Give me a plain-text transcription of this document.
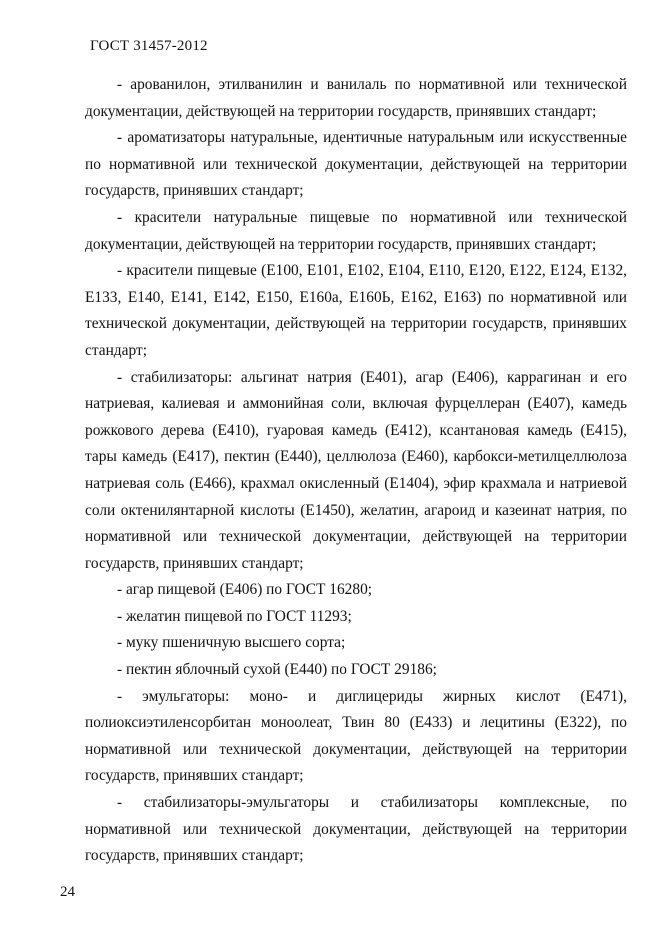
ГОСТ 31457-2012

- арованилон, этилванилин и ванилаль по нормативной или технической документации, действующей на территории государств, принявших стандарт;

- ароматизаторы натуральные, идентичные натуральным или искусственные по нормативной или технической документации, действующей на территории государств, принявших стандарт;

- красители натуральные пищевые по нормативной или технической документации, действующей на территории государств, принявших стандарт;

- красители пищевые (Е100, Е101, Е102, Е104, Е110, Е120, Е122, Е124, Е132, Е133, Е140, Е141, Е142, Е150, Е160а, Е160Ь, Е162, Е163) по нормативной или технической документации, действующей на территории государств, принявших стандарт;

- стабилизаторы: альгинат натрия (Е401), агар (Е406), каррагинан и его натриевая, калиевая и аммонийная соли, включая фурцеллеран (Е407), камедь рожкового дерева (Е410), гуаровая камедь (Е412), ксантановая камедь (Е415), тары камедь (Е417), пектин (Е440), целлюлоза (Е460), карбокси-метилцеллюлоза натриевая соль (Е466), крахмал окисленный (Е1404), эфир крахмала и натриевой соли октенилянтарной кислоты (Е1450), желатин, агароид и казеинат натрия, по нормативной или технической документации, действующей на территории государств, принявших стандарт;

- агар пищевой (Е406) по ГОСТ 16280;

- желатин пищевой по ГОСТ 11293;

- муку пшеничную высшего сорта;

- пектин яблочный сухой (Е440) по ГОСТ 29186;

- эмульгаторы: моно- и диглицериды жирных кислот (Е471), полиоксиэтиленсорбитан моноолеат, Твин 80 (Е433) и лецитины (Е322), по нормативной или технической документации, действующей на территории государств, принявших стандарт;

- стабилизаторы-эмульгаторы и стабилизаторы комплексные, по нормативной или технической документации, действующей на территории государств, принявших стандарт;

24
